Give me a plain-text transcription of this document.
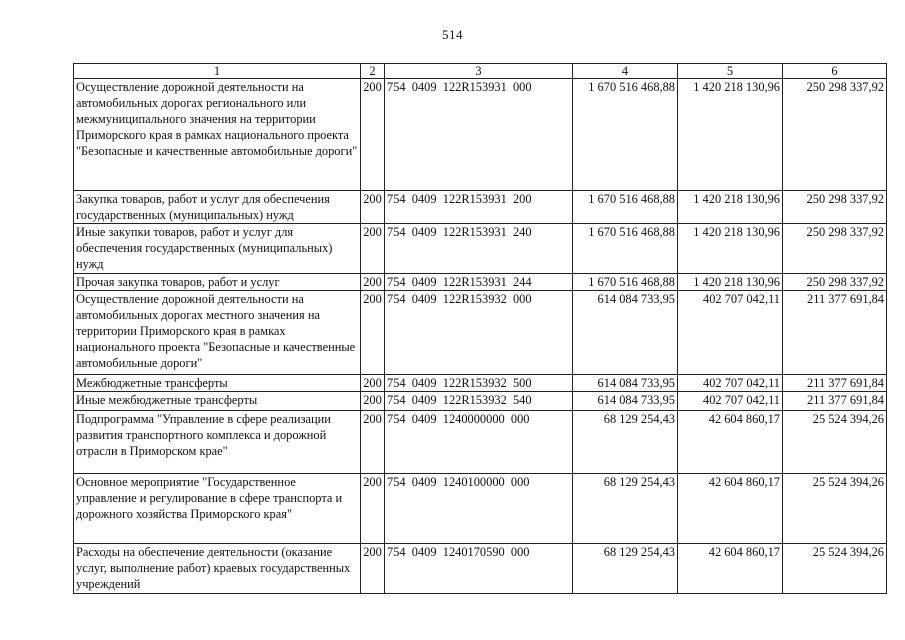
514
1	2	3	4	5	6
Осуществление дорожной деятельности на автомобильных дорогах регионального или межмуниципального значения на территории Приморского края в рамках национального проекта "Безопасные и качественные автомобильные дороги"	200	754  0409  122R153931  000	1 670 516 468,88	1 420 218 130,96	250 298 337,92
Закупка товаров, работ и услуг для обеспечения государственных (муниципальных) нужд	200	754  0409  122R153931  200	1 670 516 468,88	1 420 218 130,96	250 298 337,92
Иные закупки товаров, работ и услуг для обеспечения государственных (муниципальных) нужд	200	754  0409  122R153931  240	1 670 516 468,88	1 420 218 130,96	250 298 337,92
Прочая закупка товаров, работ и услуг	200	754  0409  122R153931  244	1 670 516 468,88	1 420 218 130,96	250 298 337,92
Осуществление дорожной деятельности на автомобильных дорогах местного значения на территории Приморского края в рамках национального проекта "Безопасные и качественные автомобильные дороги"	200	754  0409  122R153932  000	614 084 733,95	402 707 042,11	211 377 691,84
Межбюджетные трансферты	200	754  0409  122R153932  500	614 084 733,95	402 707 042,11	211 377 691,84
Иные межбюджетные трансферты	200	754  0409  122R153932  540	614 084 733,95	402 707 042,11	211 377 691,84
Подпрограмма "Управление в сфере реализации развития транспортного комплекса и дорожной отрасли в Приморском крае"	200	754  0409  1240000000  000	68 129 254,43	42 604 860,17	25 524 394,26
Основное мероприятие "Государственное управление и регулирование в сфере транспорта и дорожного хозяйства Приморского края"	200	754  0409  1240100000  000	68 129 254,43	42 604 860,17	25 524 394,26
Расходы на обеспечение деятельности (оказание услуг, выполнение работ) краевых государственных учреждений	200	754  0409  1240170590  000	68 129 254,43	42 604 860,17	25 524 394,26
